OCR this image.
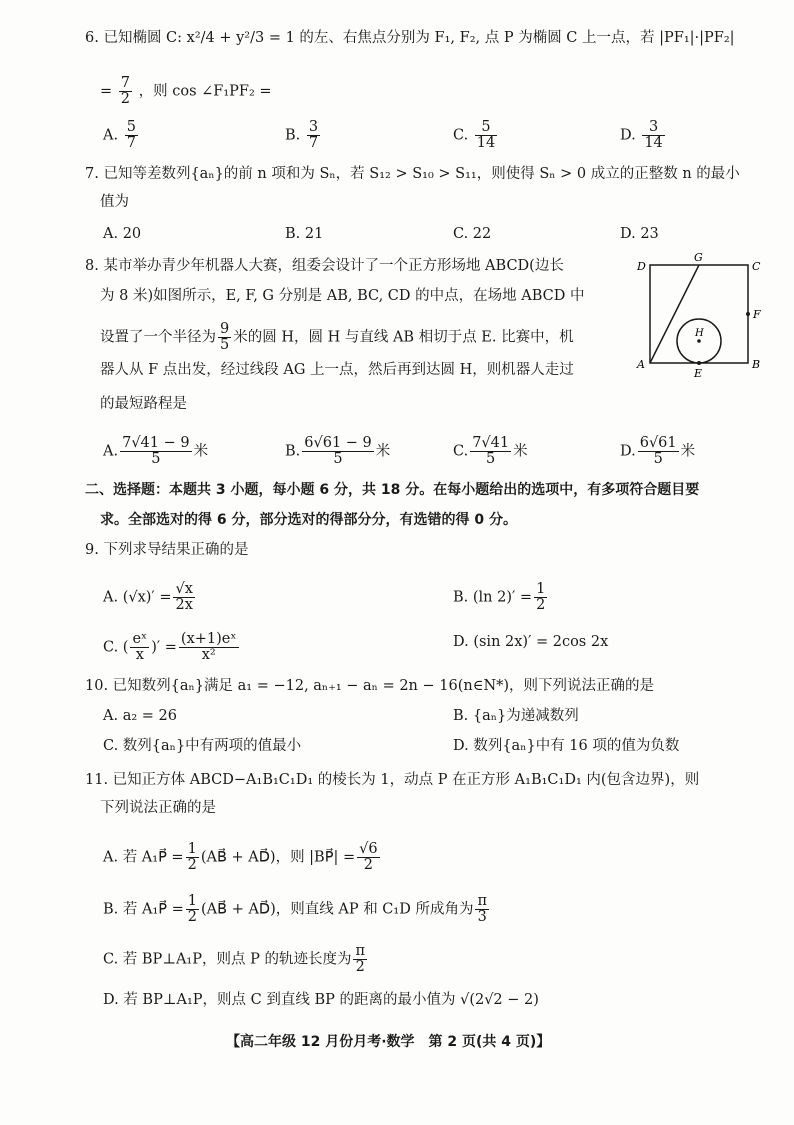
6. 已知椭圆 C: x²/4 + y²/3 = 1 的左、右焦点分别为 F₁, F₂, 点 P 为椭圆 C 上一点，若 |PF₁|·|PF₂|
= $\frac{7}{2}$ ，则 cos ∠F₁PF₂ =
A. $\frac{5}{7}$	B. $\frac{3}{7}$	C. $\frac{5}{14}$	D. $\frac{3}{14}$
7. 已知等差数列{aₙ}的前 n 项和为 Sₙ，若 S₁₂ > S₁₀ > S₁₁，则使得 Sₙ > 0 成立的正整数 n 的最小
值为
A. 20	B. 21	C. 22	D. 23
8. 某市举办青少年机器人大赛，组委会设计了一个正方形场地 ABCD(边长
为 8 米)如图所示，E, F, G 分别是 AB, BC, CD 的中点，在场地 ABCD 中
设置了一个半径为 $\frac{9}{5}$ 米的圆 H，圆 H 与直线 AB 相切于点 E. 比赛中，机
器人从 F 点出发，经过线段 AG 上一点，然后再到达圆 H，则机器人走过
的最短路程是
D
G
C
F
H
A
E
B
A. $\frac{7√41 - 9}{5}$ 米	B. $\frac{6√61 - 9}{5}$ 米	C. $\frac{7√41}{5}$ 米	D. $\frac{6√61}{5}$ 米
二、选择题：本题共 3 小题，每小题 6 分，共 18 分。在每小题给出的选项中，有多项符合题目要
求。全部选对的得 6 分，部分选对的得部分分，有选错的得 0 分。
9. 下列求导结果正确的是
A. $(√x)' = \frac{√x}{2x}$	B. (ln $2)' = \frac{1}{2}$
C. ( $\frac{\text{eˣ}}{x}$ )′ = $\frac{\text{(x+1)eˣ}}{\text{x²}}$	D. (sin 2x)′ = 2cos 2x
10. 已知数列{aₙ}满足 a₁ = −12, aₙ₊₁ − aₙ = 2n − 16(n∈N*)，则下列说法正确的是
A. a₂ = 26	B. {aₙ}为递减数列
C. 数列{aₙ}中有两项的值最小	D. 数列{aₙ}中有 16 项的值为负数
11. 已知正方体 ABCD−A₁B₁C₁D₁ 的棱长为 1，动点 P 在正方形 A₁B₁C₁D₁ 内(包含边界)，则
下列说法正确的是
A. 若 A₁P⃗ = $\frac{1}{2}$ (AB⃗ + AD⃗)，则 |BP⃗| = $\frac{√6}{2}$
B. 若 A₁P⃗ = $\frac{1}{2}$ (AB⃗ + AD⃗)，则直线 AP 和 C₁D 所成角为 $\frac{\pi}{3}$
C. 若 BP⊥A₁P，则点 P 的轨迹长度为 $\frac{\pi}{2}$
D. 若 BP⊥A₁P，则点 C 到直线 BP 的距离的最小值为 √(2√2 − 2)
【高二年级 12 月份月考·数学　第 2 页(共 4 页)】
